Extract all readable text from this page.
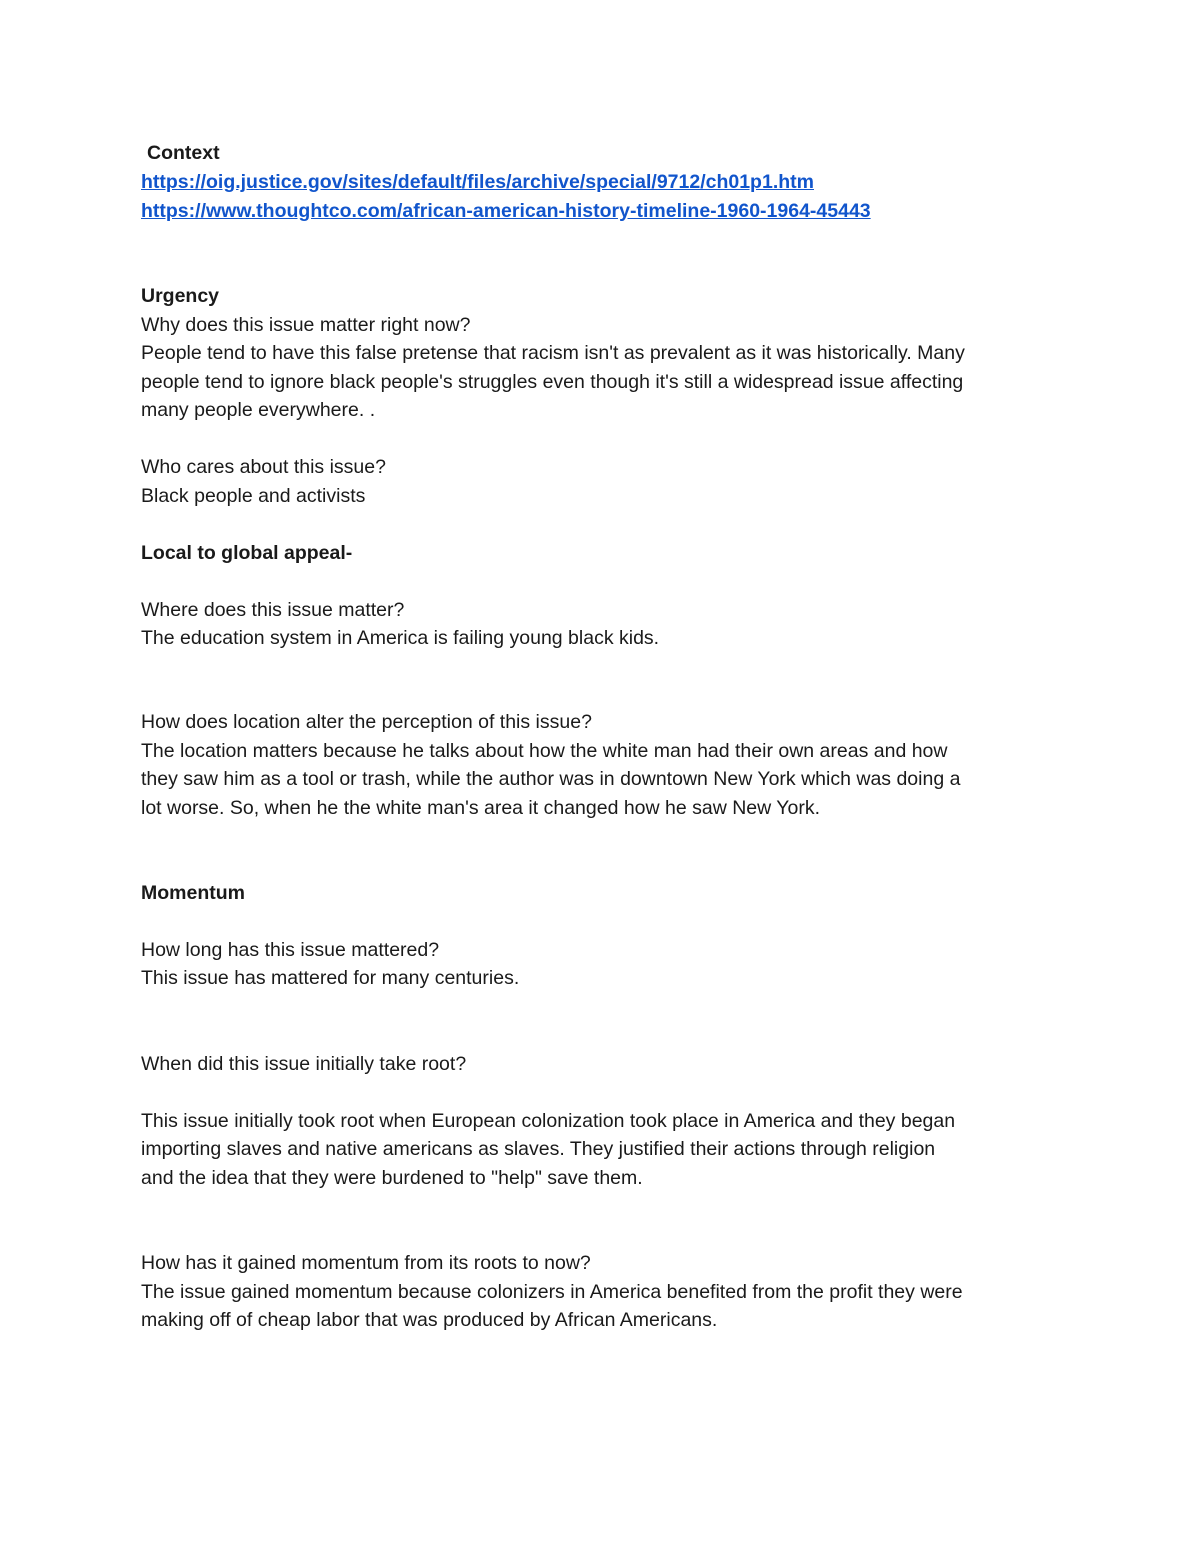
Context

https://oig.justice.gov/sites/default/files/archive/special/9712/ch01p1.htm
https://www.thoughtco.com/african-american-history-timeline-1960-1964-45443

Urgency

Why does this issue matter right now?

People tend to have this false pretense that racism isn't as prevalent as it was historically. Many

people tend to ignore black people's struggles even though it's still a widespread issue affecting

many people everywhere. .

Who cares about this issue?

Black people and activists

Local to global appeal-

Where does this issue matter?

The education system in America is failing young black kids.

How does location alter the perception of this issue?

The location matters because he talks about how the white man had their own areas and how

they saw him as a tool or trash, while the author was in downtown New York which was doing a

lot worse. So, when he the white man's area it changed how he saw New York.

Momentum

How long has this issue mattered?

This issue has mattered for many centuries.

When did this issue initially take root?

This issue initially took root when European colonization took place in America and they began

importing slaves and native americans as slaves. They justified their actions through religion

and the idea that they were burdened to "help" save them.

How has it gained momentum from its roots to now?

The issue gained momentum because colonizers in America benefited from the profit they were

making off of cheap labor that was produced by African Americans.
